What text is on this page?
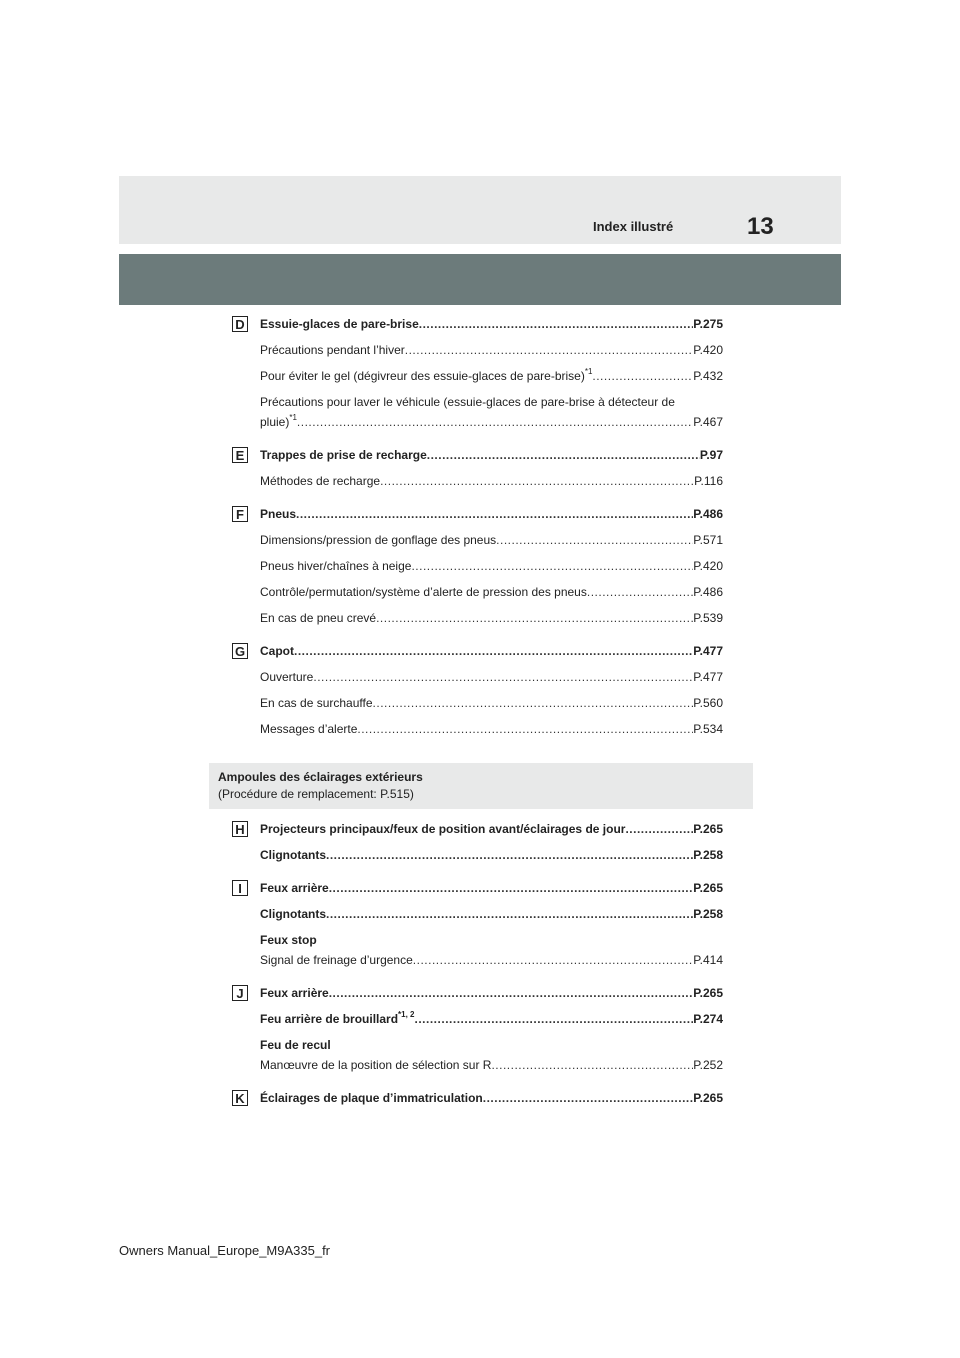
Index illustré	13
D Essuie-glaces de pare-brise .....	P.275
Précautions pendant l’hiver .....	P.420
Pour éviter le gel (dégivreur des essuie-glaces de pare-brise)$^{*1}$ .....	P.432
Précautions pour laver le véhicule (essuie-glaces de pare-brise à détecteur de
pluie)$^{*1}$ .....	P.467
E	Trappes de prise de recharge .....	P.97
Méthodes de recharge .....	P.116
F	Pneus .....	P.486
Dimensions/pression de gonflage des pneus .....	P.571
Pneus hiver/chaînes à neige .....	P.420
Contrôle/permutation/système d’alerte de pression des pneus .....	P.486
En cas de pneu crevé .....	P.539
G Capot .....	P.477
Ouverture .....	P.477
En cas de surchauffe .....	P.560
Messages d’alerte .....	P.534
Ampoules des éclairages extérieurs
(Procédure de remplacement: P.515)
H Projecteurs principaux/feux de position avant/éclairages de jour .....	P.265
Clignotants .....	P.258
I	Feux arrière .....	P.265
Clignotants .....	P.258
Feux stop
Signal de freinage d’urgence .....	P.414
J	Feux arrière .....	P.265
Feu arrière de brouillard$^{*1, 2}$ .....	P.274
Feu de recul
Manœuvre de la position de sélection sur R .....	P.252
K Éclairages de plaque d’immatriculation .....	P.265
Owners Manual_Europe_M9A335_fr
